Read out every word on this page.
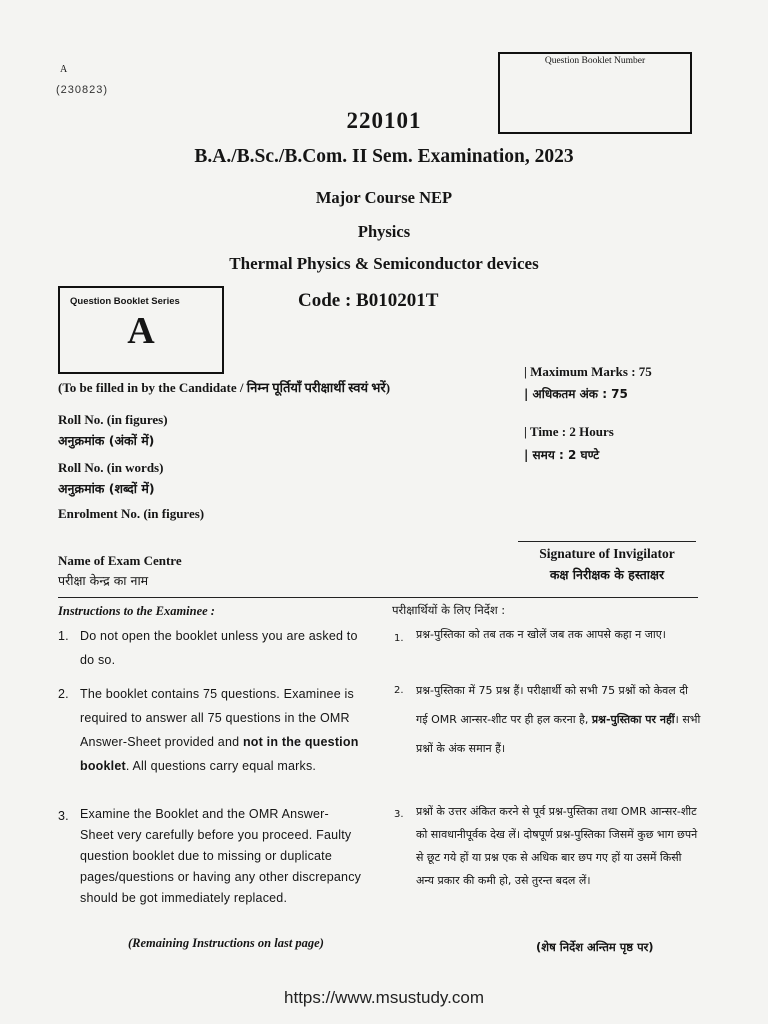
A
(230823)
Question Booklet Number
220101
B.A./B.Sc./B.Com. II Sem. Examination, 2023
Major Course NEP
Physics
Thermal Physics & Semiconductor devices
Code : B010201T
Question Booklet Series
A
(To be filled in by the Candidate / निम्न पूर्तियाँ परीक्षार्थी स्वयं भरें)
Roll No. (in figures)
अनुक्रमांक (अंकों में)
Roll No. (in words)
अनुक्रमांक (शब्दों में)
Enrolment No. (in figures)
| Maximum Marks : 75
| अधिकतम अंक : 75
| Time : 2 Hours
| समय : 2 घण्टे
Name of Exam Centre
परीक्षा केन्द्र का नाम
Signature of Invigilator
कक्ष निरीक्षक के हस्ताक्षर
Instructions to the Examinee :
1. Do not open the booklet unless you are asked to do so.
2. The booklet contains 75 questions. Examinee is required to answer all 75 questions in the OMR Answer-Sheet provided and not in the question booklet. All questions carry equal marks.
3. Examine the Booklet and the OMR Answer-Sheet very carefully before you proceed. Faulty question booklet due to missing or duplicate pages/questions or having any other discrepancy should be got immediately replaced.
(Remaining Instructions on last page)
परीक्षार्थियों के लिए निर्देश :
1. प्रश्न-पुस्तिका को तब तक न खोलें जब तक आपसे कहा न जाए।
2. प्रश्न-पुस्तिका में 75 प्रश्न हैं। परीक्षार्थी को सभी 75 प्रश्नों को केवल दी गई OMR आन्सर-शीट पर ही हल करना है, प्रश्न-पुस्तिका पर नहीं। सभी प्रश्नों के अंक समान हैं।
3. प्रश्नों के उत्तर अंकित करने से पूर्व प्रश्न-पुस्तिका तथा OMR आन्सर-शीट को सावधानीपूर्वक देख लें। दोषपूर्ण प्रश्न-पुस्तिका जिसमें कुछ भाग छपने से छूट गये हों या प्रश्न एक से अधिक बार छप गए हों या उसमें किसी अन्य प्रकार की कमी हो, उसे तुरन्त बदल लें।
(शेष निर्देश अन्तिम पृष्ठ पर)
https://www.msustudy.com
